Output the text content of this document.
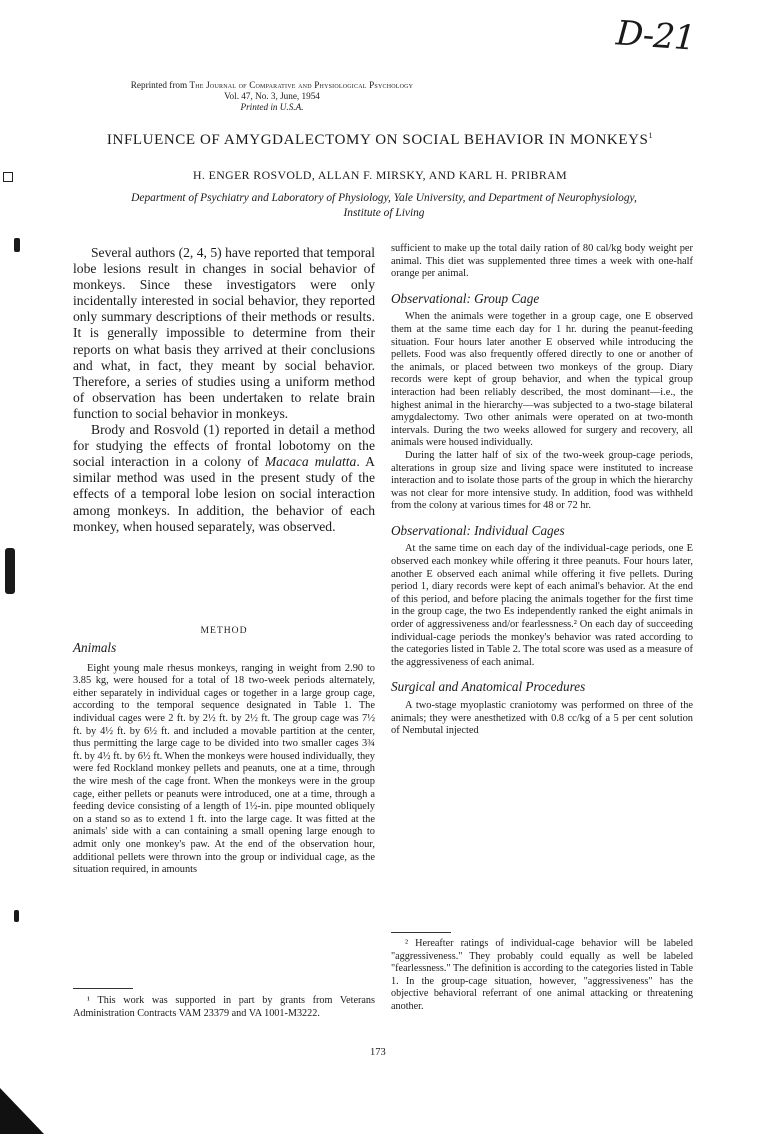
D-21
Reprinted from The Journal of Comparative and Physiological Psychology
Vol. 47, No. 3, June, 1954
Printed in U.S.A.
INFLUENCE OF AMYGDALECTOMY ON SOCIAL BEHAVIOR IN MONKEYS$^1$
H. ENGER ROSVOLD, ALLAN F. MIRSKY, AND KARL H. PRIBRAM
Department of Psychiatry and Laboratory of Physiology, Yale University, and Department of Neurophysiology,
Institute of Living

Several authors (2, 4, 5) have reported that temporal lobe lesions result in changes in social behavior of monkeys. Since these investigators were only incidentally interested in social behavior, they reported only summary descriptions of their methods or results. It is generally impossible to determine from their reports on what basis they arrived at their conclusions and what, in fact, they meant by social behavior. Therefore, a series of studies using a uniform method of observation has been undertaken to relate brain function to social behavior in monkeys.

Brody and Rosvold (1) reported in detail a method for studying the effects of frontal lobotomy on the social interaction in a colony of Macaca mulatta. A similar method was used in the present study of the effects of a temporal lobe lesion on social interaction among monkeys. In addition, the behavior of each monkey, when housed separately, was observed.

METHOD
Animals

Eight young male rhesus monkeys, ranging in weight from 2.90 to 3.85 kg, were housed for a total of 18 two-week periods alternately, either separately in individual cages or together in a large group cage, according to the temporal sequence designated in Table 1. The individual cages were 2 ft. by 2½ ft. by 2½ ft. The group cage was 7½ ft. by 4½ ft. by 6½ ft. and included a movable partition at the center, thus permitting the large cage to be divided into two smaller cages 3¾ ft. by 4½ ft. by 6½ ft. When the monkeys were housed individually, they were fed Rockland monkey pellets and peanuts, one at a time, through the wire mesh of the cage front. When the monkeys were in the group cage, either pellets or peanuts were introduced, one at a time, through a feeding device consisting of a length of 1½-in. pipe mounted obliquely on a stand so as to extend 1 ft. into the large cage. It was fitted at the animals' side with a can containing a small opening large enough to admit only one monkey's paw. At the end of the observation hour, additional pellets were thrown into the group or individual cage, as the situation required, in amounts

¹ This work was supported in part by grants from Veterans Administration Contracts VAM 23379 and VA 1001-M3222.

sufficient to make up the total daily ration of 80 cal/kg body weight per animal. This diet was supplemented three times a week with one-half orange per animal.

Observational: Group Cage

When the animals were together in a group cage, one E observed them at the same time each day for 1 hr. during the peanut-feeding situation. Four hours later another E observed while introducing the pellets. Food was also frequently offered directly to one or another of the animals, or placed between two monkeys of the group. Diary records were kept of group behavior, and when the typical group interaction had been reliably described, the most dominant—i.e., the highest animal in the hierarchy—was subjected to a two-stage bilateral amygdalectomy. Two other animals were operated on at two-month intervals. During the two weeks allowed for surgery and recovery, all animals were housed individually.

During the latter half of six of the two-week group-cage periods, alterations in group size and living space were instituted to increase interaction and to isolate those parts of the group in which the hierarchy was not clear for more intensive study. In addition, food was withheld from the colony at various times for 48 or 72 hr.

Observational: Individual Cages

At the same time on each day of the individual-cage periods, one E observed each monkey while offering it three peanuts. Four hours later, another E observed each animal while offering it five pellets. During period 1, diary records were kept of each animal's behavior. At the end of this period, and before placing the animals together for the first time in the group cage, the two Es independently ranked the eight animals in order of aggressiveness and/or fearlessness.² On each day of succeeding individual-cage periods the monkey's behavior was rated according to the categories listed in Table 2. The total score was used as a measure of the aggressiveness of each animal.

Surgical and Anatomical Procedures

A two-stage myoplastic craniotomy was performed on three of the animals; they were anesthetized with 0.8 cc/kg of a 5 per cent solution of Nembutal injected

² Hereafter ratings of individual-cage behavior will be labeled "aggressiveness." They probably could equally as well be labeled "fearlessness." The definition is according to the categories listed in Table 1. In the group-cage situation, however, "aggressiveness" has the objective behavioral referrant of one animal attacking or threatening another.

173
